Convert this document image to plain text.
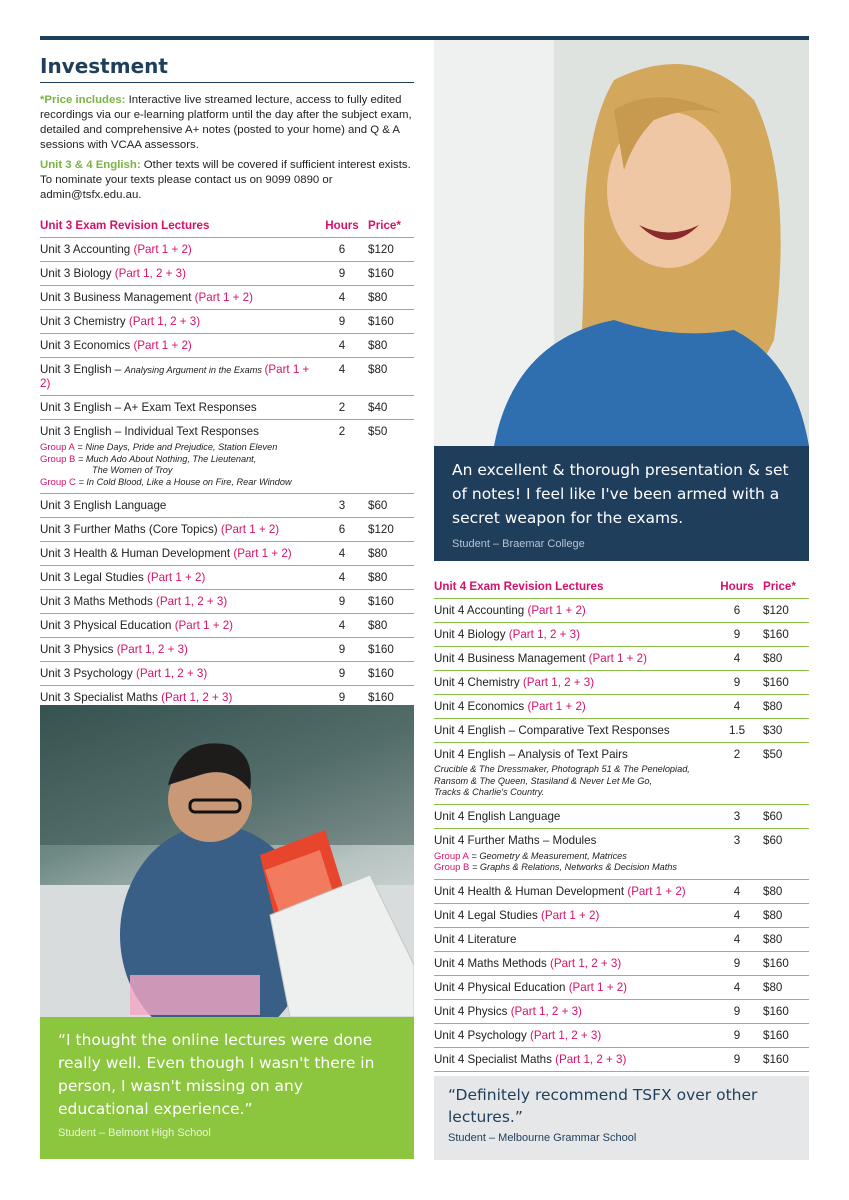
Investment
*Price includes: Interactive live streamed lecture, access to fully edited recordings via our e-learning platform until the day after the subject exam, detailed and comprehensive A+ notes (posted to your home) and Q & A sessions with VCAA assessors.
Unit 3 & 4 English: Other texts will be covered if sufficient interest exists. To nominate your texts please contact us on 9099 0890 or admin@tsfx.edu.au.
Unit 3 Exam Revision Lectures	Hours	Price*
Unit 3 Accounting (Part 1 + 2)	6	$120
Unit 3 Biology (Part 1, 2 + 3)	9	$160
Unit 3 Business Management (Part 1 + 2)	4	$80
Unit 3 Chemistry (Part 1, 2 + 3)	9	$160
Unit 3 Economics (Part 1 + 2)	4	$80
Unit 3 English – Analysing Argument in the Exams (Part 1 + 2)	4	$80
Unit 3 English – A+ Exam Text Responses	2	$40
Unit 3 English – Individual Text Responses
Group A = Nine Days, Pride and Prejudice, Station Eleven
Group B = Much Ado About Nothing, The Lieutenant,
The Women of Troy
Group C = In Cold Blood, Like a House on Fire, Rear Window	2	$50
Unit 3 English Language	3	$60
Unit 3 Further Maths (Core Topics) (Part 1 + 2)	6	$120
Unit 3 Health & Human Development (Part 1 + 2)	4	$80
Unit 3 Legal Studies (Part 1 + 2)	4	$80
Unit 3 Maths Methods (Part 1, 2 + 3)	9	$160
Unit 3 Physical Education (Part 1 + 2)	4	$80
Unit 3 Physics (Part 1, 2 + 3)	9	$160
Unit 3 Psychology (Part 1, 2 + 3)	9	$160
Unit 3 Specialist Maths (Part 1, 2 + 3)	9	$160
“I thought the online lectures were done really well. Even though I wasn't there in person, I wasn't missing on any educational experience.”
Student – Belmont High School
An excellent & thorough presentation & set of notes! I feel like I've been armed with a secret weapon for the exams.
Student – Braemar College
Unit 4 Exam Revision Lectures	Hours	Price*
Unit 4 Accounting (Part 1 + 2)	6	$120
Unit 4 Biology (Part 1, 2 + 3)	9	$160
Unit 4 Business Management (Part 1 + 2)	4	$80
Unit 4 Chemistry (Part 1, 2 + 3)	9	$160
Unit 4 Economics (Part 1 + 2)	4	$80
Unit 4 English – Comparative Text Responses	1.5	$30
Unit 4 English – Analysis of Text Pairs
Crucible & The Dressmaker, Photograph 51 & The Penelopiad,
Ransom & The Queen, Stasiland & Never Let Me Go,
Tracks & Charlie's Country.	2	$50
Unit 4 English Language	3	$60
Unit 4 Further Maths – Modules
Group A = Geometry & Measurement, Matrices
Group B = Graphs & Relations, Networks & Decision Maths	3	$60
Unit 4 Health & Human Development (Part 1 + 2)	4	$80
Unit 4 Legal Studies (Part 1 + 2)	4	$80
Unit 4 Literature	4	$80
Unit 4 Maths Methods (Part 1, 2 + 3)	9	$160
Unit 4 Physical Education (Part 1 + 2)	4	$80
Unit 4 Physics (Part 1, 2 + 3)	9	$160
Unit 4 Psychology (Part 1, 2 + 3)	9	$160
Unit 4 Specialist Maths (Part 1, 2 + 3)	9	$160
“Definitely recommend TSFX over other lectures.”
Student – Melbourne Grammar School
